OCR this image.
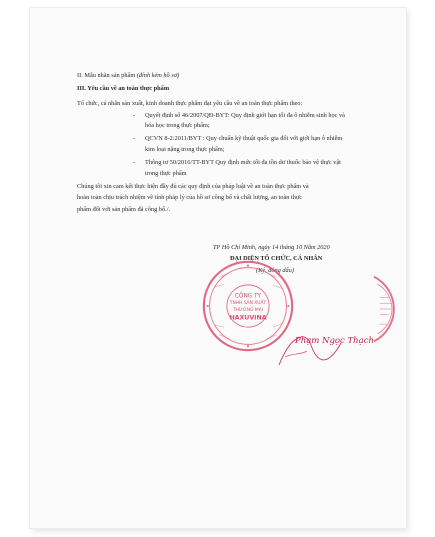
II. Mẫu nhãn sản phẩm (đính kèm hồ sơ)
III. Yêu cầu về an toàn thực phẩm
Tổ chức, cá nhân sản xuất, kinh doanh thực phẩm đạt yêu cầu về an toàn thực phẩm theo:
- Quyết định số 46/2007/QĐ-BYT: Quy định giới hạn tối đa ô nhiễm sinh học và
hóa học trong thực phẩm;
- QCVN 8-2:2011/BYT : Quy chuẩn kỹ thuật quốc gia đối với giới hạn ô nhiễm
kim loại nặng trong thực phẩm;
- Thông tư 50/2016/TT-BYT Quy định mức tối đa tồn dư thuốc bảo vệ thực vật
trong thực phẩm
Chúng tôi xin cam kết thực hiện đầy đủ các quy định của pháp luật về an toàn thực phẩm và
hoàn toàn chịu trách nhiệm về tính pháp lý của hồ sơ công bố và chất lượng, an toàn thực
phẩm đối với sản phẩm đã công bố./.
TP Hồ Chí Minh, ngày 14 tháng 10 Năm 2020
ĐẠI DIỆN TỔ CHỨC, CÁ NHÂN
(Ký, đóng dấu)
CÔNG TY
TNHH SẢN XUẤT
THƯƠNG MẠI
HAXUVINA
Phạm Ngọc Thạch
